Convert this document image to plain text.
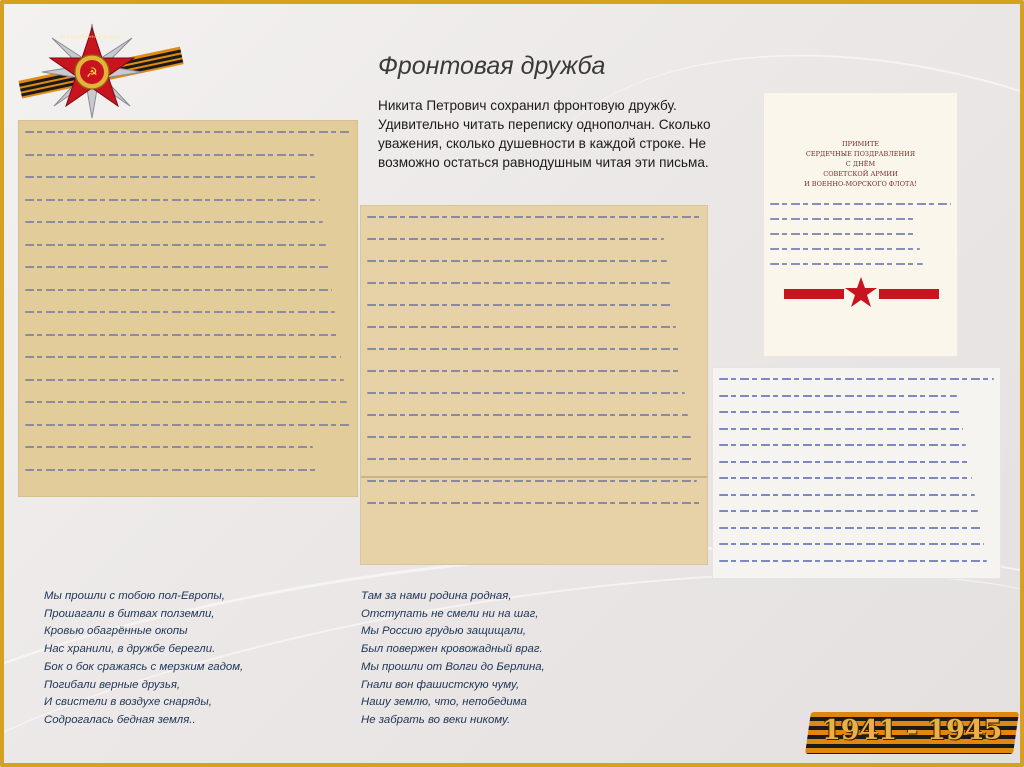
☭
ОТЕЧЕСТВЕННАЯ ВОЙНА
Фронтовая дружба
Никита Петрович сохранил фронтовую дружбу. Удивительно читать переписку однополчан. Сколько уважения, сколько душевности в каждой строке. Не возможно остаться равнодушным читая эти письма.
ПРИМИТЕ
СЕРДЕЧНЫЕ ПОЗДРАВЛЕНИЯ
С ДНЁМ
СОВЕТСКОЙ АРМИИ
И ВОЕННО-МОРСКОГО ФЛОТА!
Мы прошли с тобою пол-Европы,
Прошагали в битвах полземли,
Кровью обагрённые окопы
Нас хранили, в дружбе берегли.
Бок о бок сражаясь с мерзким гадом,
Погибали верные друзья,
И свистели в воздухе снаряды,
Содрогалась бедная земля..
Там за нами родина родная,
Отступать не смели ни на шаг,
Мы Россию грудью защищали,
Был повержен кровожадный враг.
Мы прошли от Волги до Берлина,
Гнали вон фашистскую чуму,
Нашу землю, что, непобедима
Не забрать во веки никому.	1941 - 1945
